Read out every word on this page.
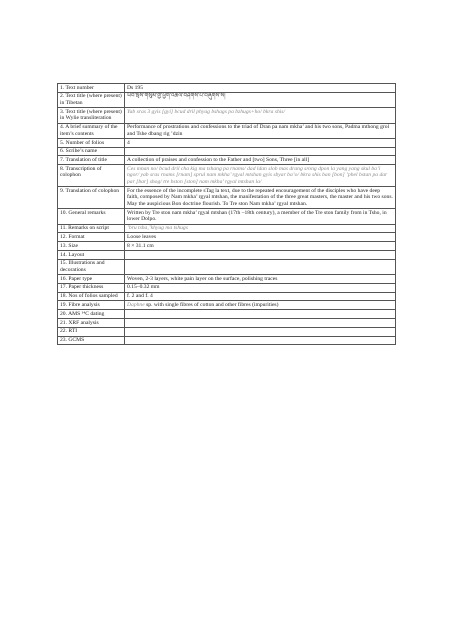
1. Text number	Ds 195
2. Text title (where present) in Tibetan	ཡབ་སྲས་གསུམ་གྱི་ཕྱག་འཚལ་བཤགས་པ་བཞུགས་སོ།
3. Text title (where present) in Wylie transliteration	Yab sras 3 gyis [gyi] bcud dril phyag bshags pa bzhugs+ho/ bkra shis/
4. A brief summary of the item’s contents	Performance of prostrations and confessions to the triad of Dran pa nam mkha’ and his two sons, Padma mthong grol and Tshe dbang rig ’dzin
5. Number of folios	4
6. Scribe’s name	
7. Translation of title	A collection of praises and confession to the Father and [two] Sons, Three [in all]
8. Transcription of colophon	Ces mnan no/ bcud dril cha kig ma tshang pa rnams/ dad ldan slob mas drang srong dpon la yang yang skul ba’i ngor/ yab sras rnams [rnam] sprul nam mkha’ rgyal mtshan gyis sbyar ba’o/ bkra shis ban [bon] ’phel bstan pa dar par [bar] shog/ tre bston [ston] nam mkha’ rgyal mtshan la/
9. Translation of colophon	For the essence of the incomplete sTag la text, due to the repeated encouragement of the disciples who have deep faith, composed by Nam mkha’ rgyal mtshan, the manifestation of the three great masters, the master and his two sons. May the auspicious Bon doctrine flourish. To Tre ston Nam mkha’ rgyal mtshan.
10. General remarks	Written by Tre ston nam mkha’ rgyal mtshan (17th –18th century), a member of the Tre ston family from in Tsho, in lower Dolpo.
11. Remarks on script	’bru tsha,’khyug ma tshugs
12. Format	Loose leaves
13. Size	8 × 31.1 cm
14. Layout	
15. Illustrations and decorations	
16. Paper type	Woven, 2-3 layers, white pain layer on the surface, polishing traces
17. Paper thickness	0.15–0.32 mm
18. Nos of folios sampled	f. 2 and f. 4
19. Fibre analysis	Daphne sp. with single fibres of cotton and other fibres (impurities)
20. AMS ¹⁴C dating	
21. XRF analysis	
22. RTI	
23. GCMS	
